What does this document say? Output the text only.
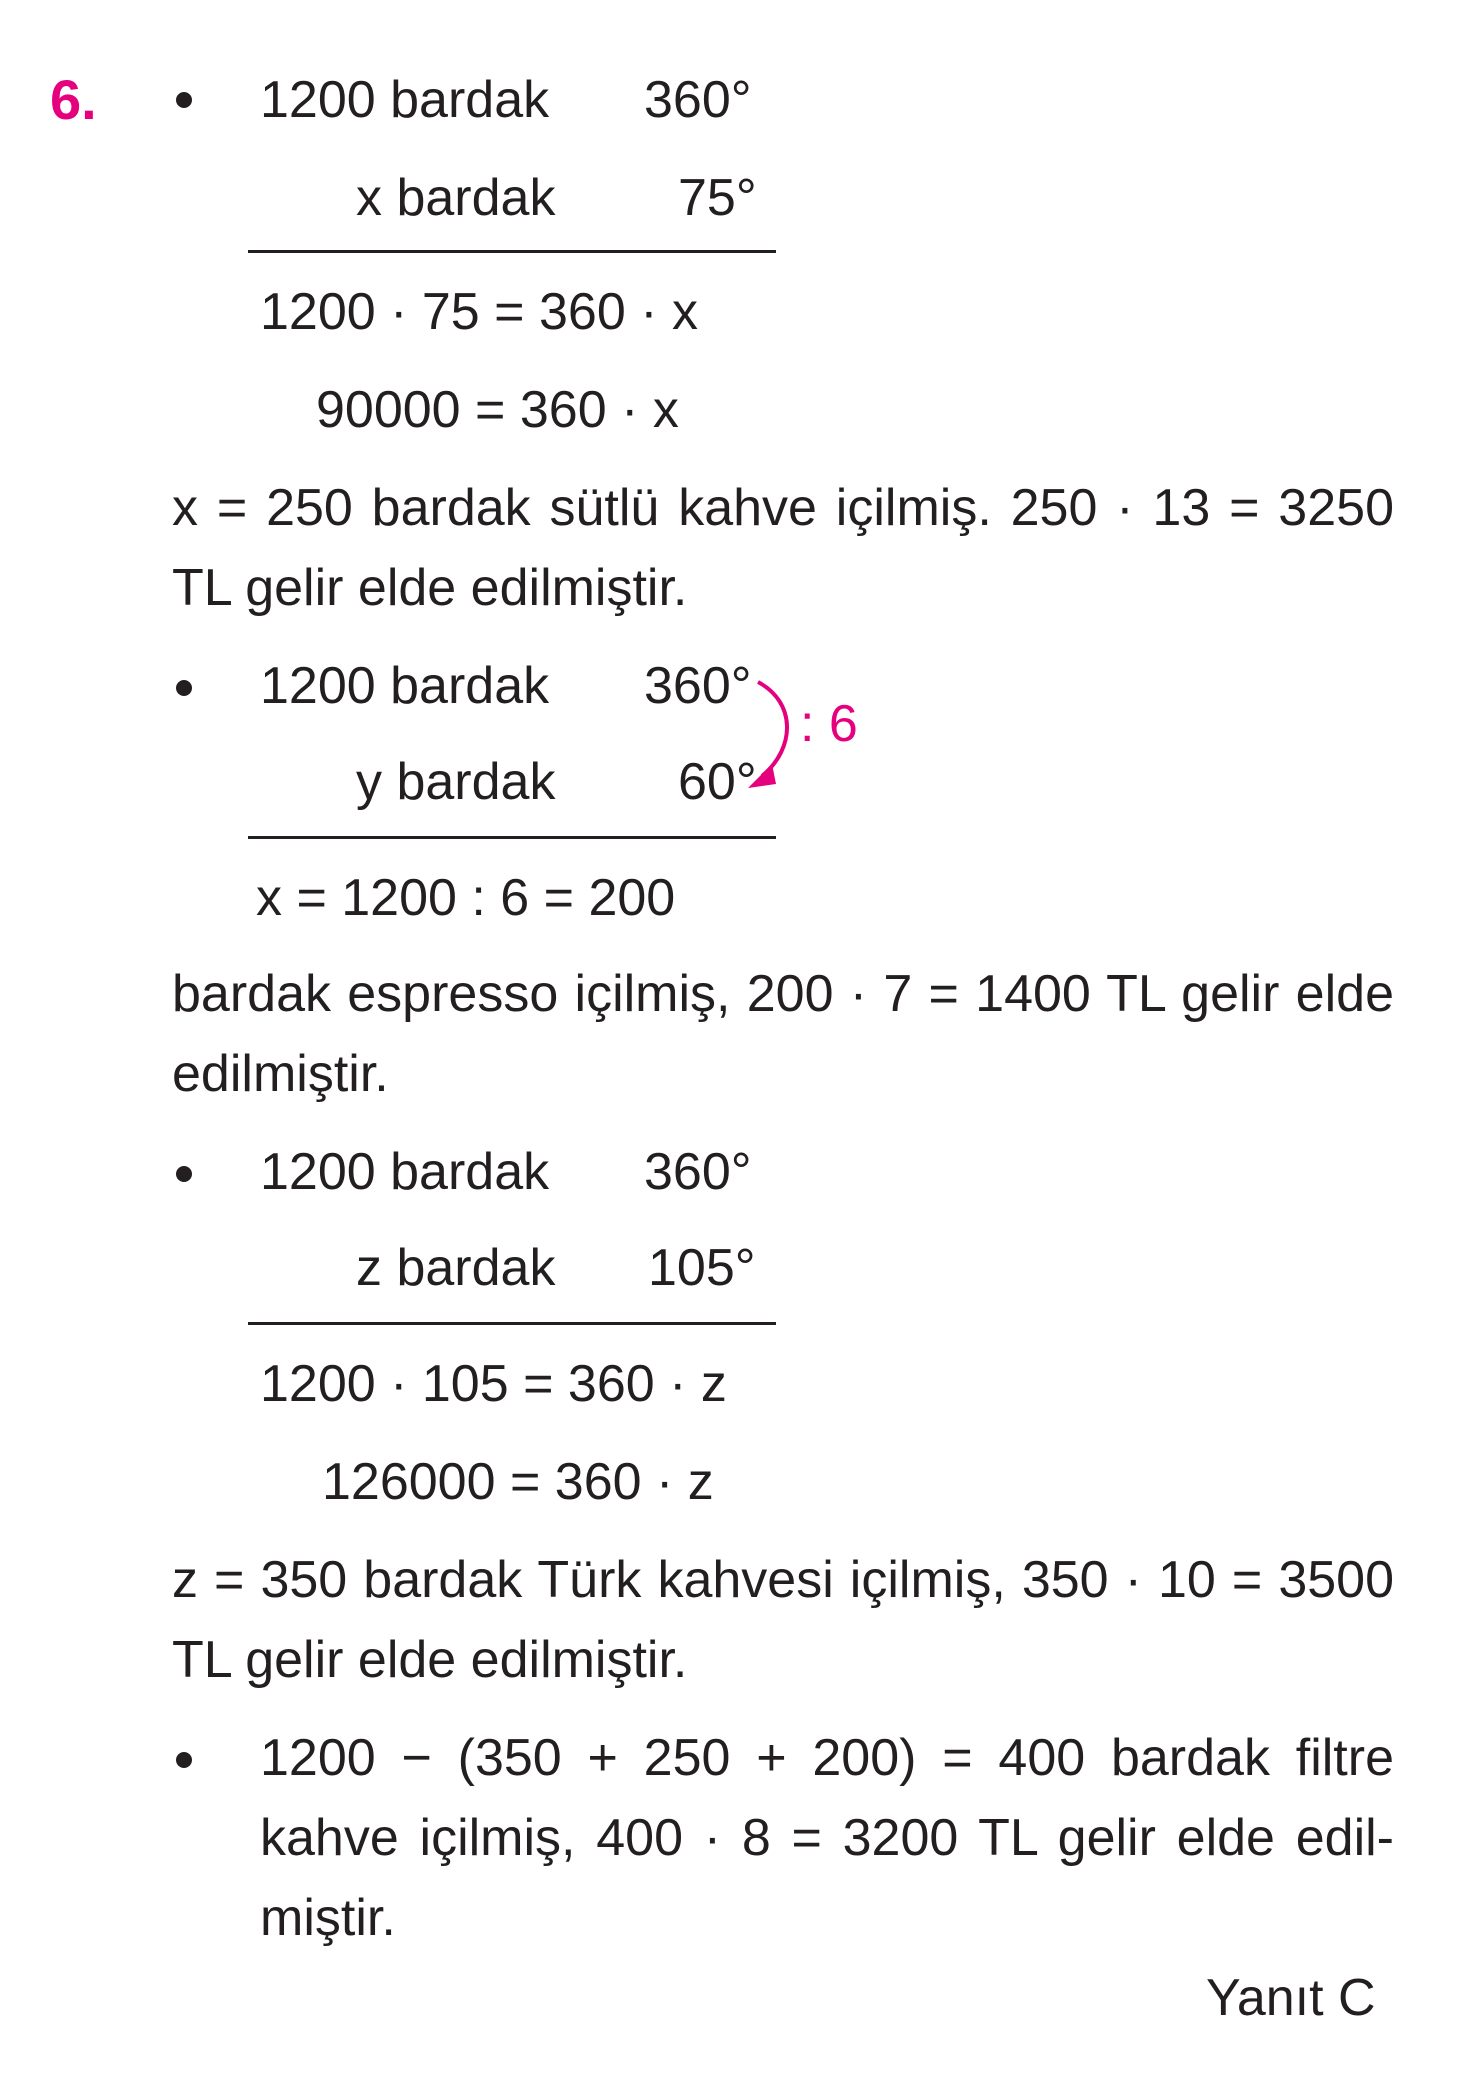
6.	1200 bardak 360°
x bardak 75°
1200 · 75 = 360 · x
90000 = 360 · x
x = 250 bardak sütlü kahve içilmiş. 250 · 13 = 3250 TL gelir elde edilmiştir.
1200 bardak 360°
: 6
y bardak 60°
x = 1200 : 6 = 200
bardak espresso içilmiş, 200 · 7 = 1400 TL gelir elde edilmiştir.
1200 bardak 360°
z bardak 105°
1200 · 105 = 360 · z
126000 = 360 · z
z = 350 bardak Türk kahvesi içilmiş, 350 · 10 = 3500 TL gelir elde edilmiştir.
1200 − (350 + 250 + 200) = 400 bardak filtre kahve içilmiş, 400 · 8 = 3200 TL gelir elde edil-miştir.
Yanıt C
